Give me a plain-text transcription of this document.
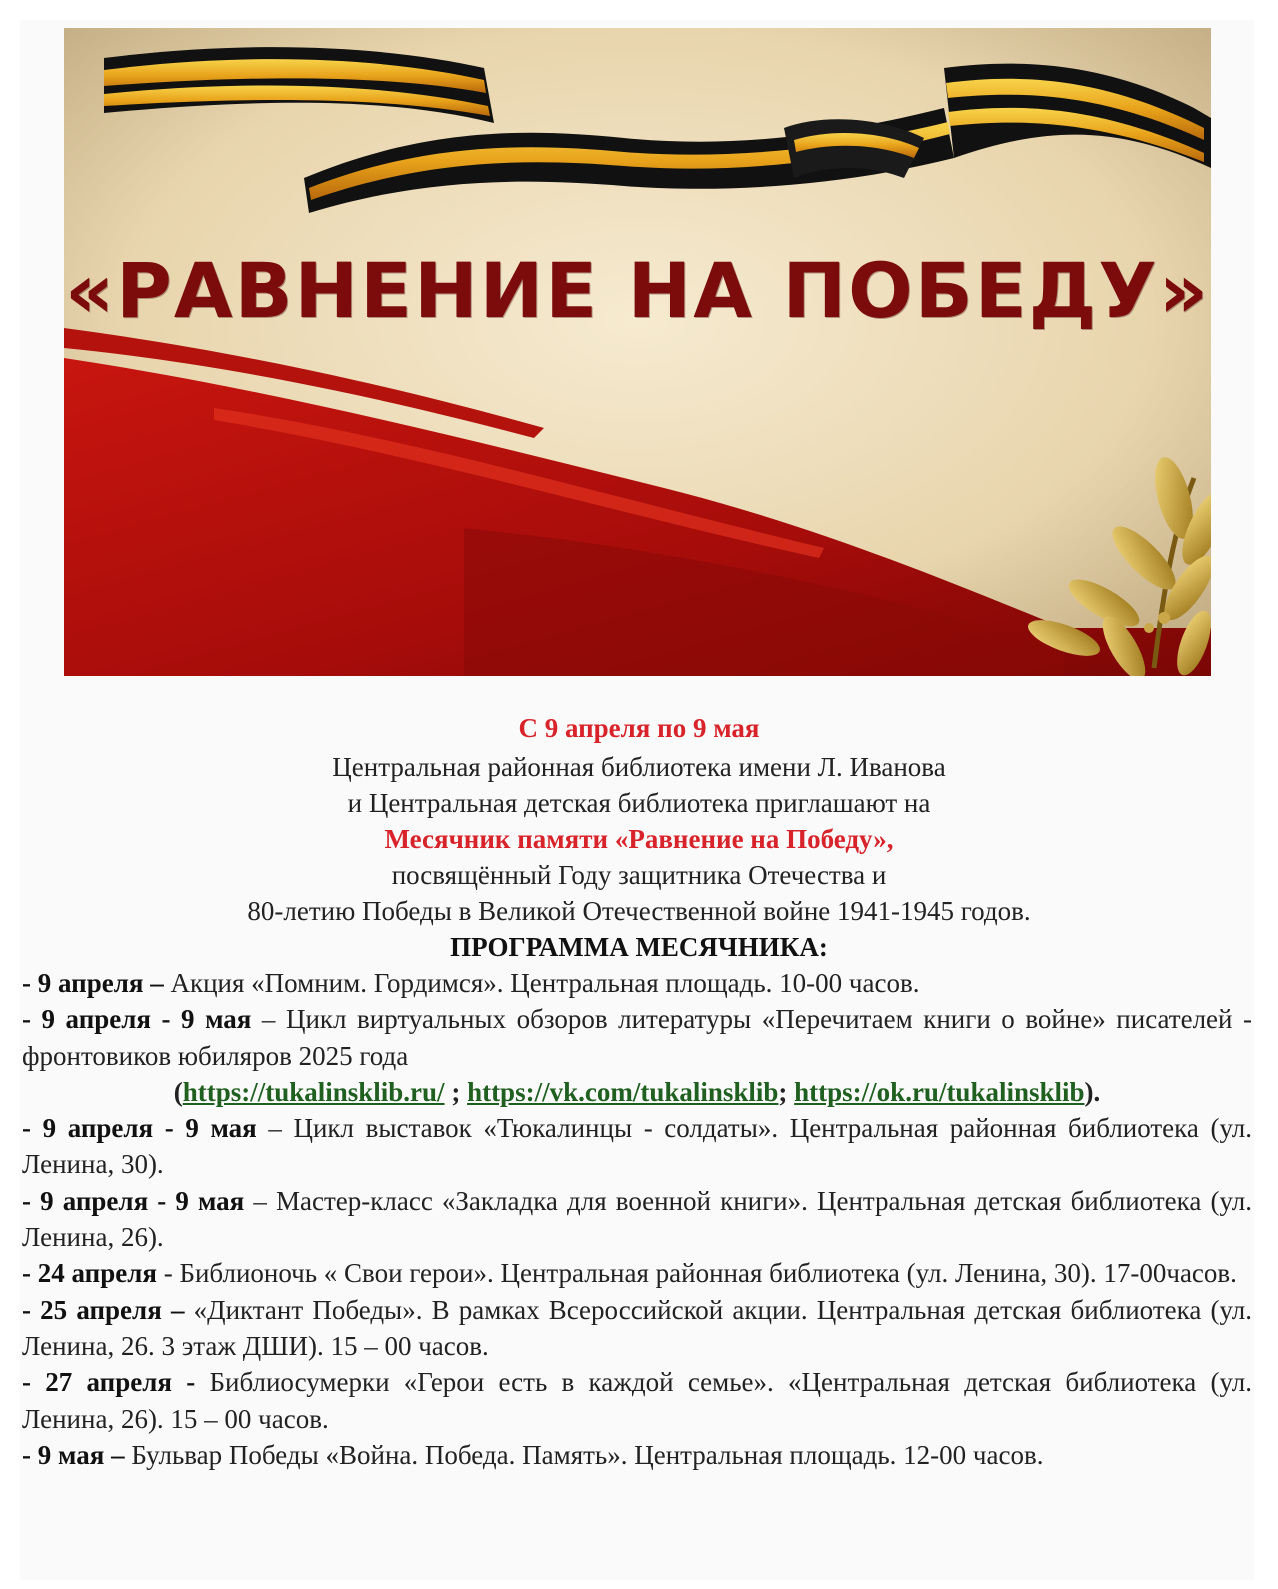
«РАВНЕНИЕ НА ПОБЕДУ»
С 9 апреля по 9 мая
Центральная районная библиотека имени Л. Иванова
и Центральная детская библиотека приглашают на
Месячник памяти «Равнение на Победу»,
посвящённый Году защитника Отечества и
80-летию Победы в Великой Отечественной войне 1941-1945 годов.
ПРОГРАММА МЕСЯЧНИКА:

- 9 апреля – Акция «Помним. Гордимся». Центральная площадь. 10-00 часов.

- 9 апреля - 9 мая – Цикл виртуальных обзоров литературы «Перечитаем книги о войне» писателей - фронтовиков юбиляров 2025 года

(https://tukalinsklib.ru/ ; https://vk.com/tukalinsklib; https://ok.ru/tukalinsklib).

- 9 апреля - 9 мая – Цикл выставок «Тюкалинцы - солдаты». Центральная районная библиотека (ул. Ленина, 30).

- 9 апреля - 9 мая – Мастер-класс «Закладка для военной книги». Центральная детская библиотека (ул. Ленина, 26).

- 24 апреля - Библионочь « Свои герои». Центральная районная библиотека (ул. Ленина, 30). 17-00часов.

- 25 апреля – «Диктант Победы». В рамках Всероссийской акции. Центральная детская библиотека (ул. Ленина, 26. 3 этаж ДШИ). 15 – 00 часов.

- 27 апреля - Библиосумерки «Герои есть в каждой семье». «Центральная детская библиотека (ул. Ленина, 26). 15 – 00 часов.

- 9 мая – Бульвар Победы «Война. Победа. Память». Центральная площадь. 12-00 часов.
